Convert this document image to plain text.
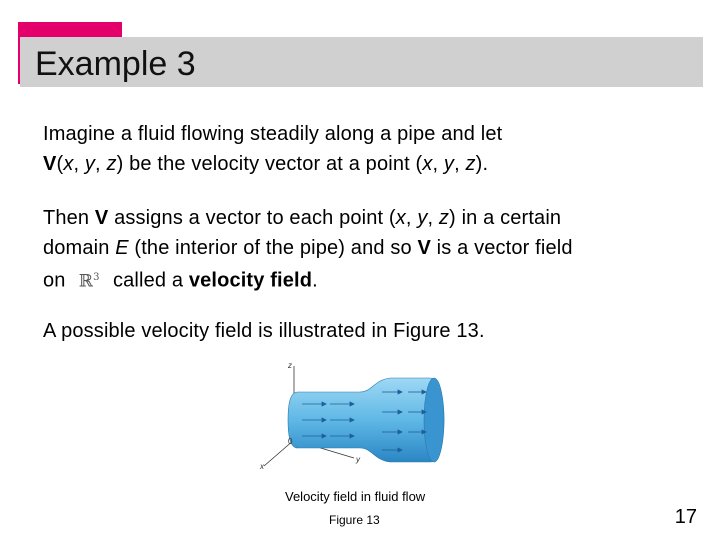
Example 3
Imagine a fluid flowing steadily along a pipe and let
V(x, y, z) be the velocity vector at a point (x, y, z).
Then V assigns a vector to each point (x, y, z) in a certain
domain E (the interior of the pipe) and so V is a vector field
on ℝ$^3$ called a velocity field.
A possible velocity field is illustrated in Figure 13.
z
x
y
0
Velocity field in fluid flow
Figure 13	17
